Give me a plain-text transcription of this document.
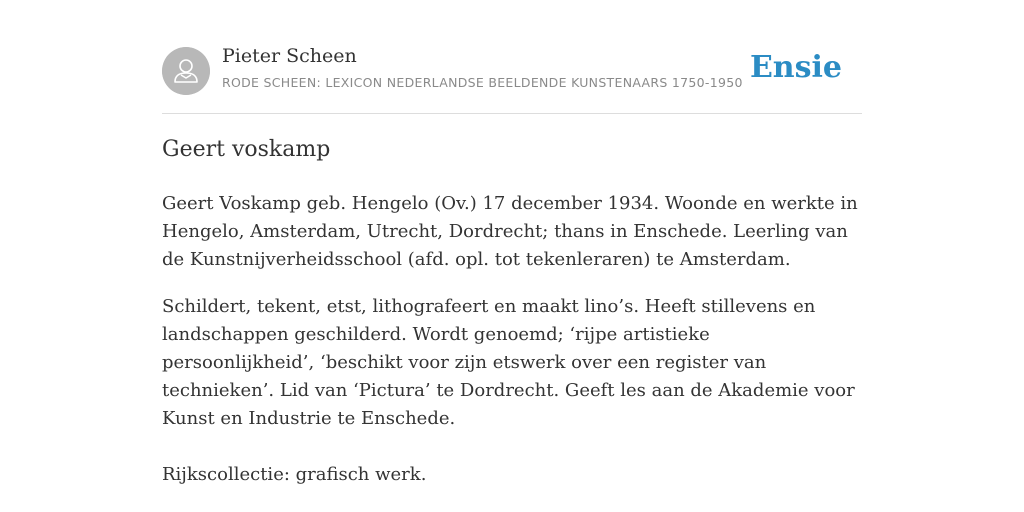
Pieter Scheen
RODE SCHEEN: LEXICON NEDERLANDSE BEELDENDE KUNSTENAARS 1750-1950 Ensie
Geert voskamp

Geert Voskamp geb. Hengelo (Ov.) 17 december 1934. Woonde en werkte in Hengelo, Amsterdam, Utrecht, Dordrecht; thans in Enschede. Leerling van de Kunstnijverheidsschool (afd. opl. tot tekenleraren) te Amsterdam.

Schildert, tekent, etst, lithografeert en maakt lino’s. Heeft stillevens en landschappen geschilderd. Wordt genoemd; ‘rijpe artistieke persoonlijkheid’, ‘beschikt voor zijn etswerk over een register van technieken’. Lid van ‘Pictura’ te Dordrecht. Geeft les aan de Akademie voor Kunst en Industrie te Enschede.

Rijkscollectie: grafisch werk.
